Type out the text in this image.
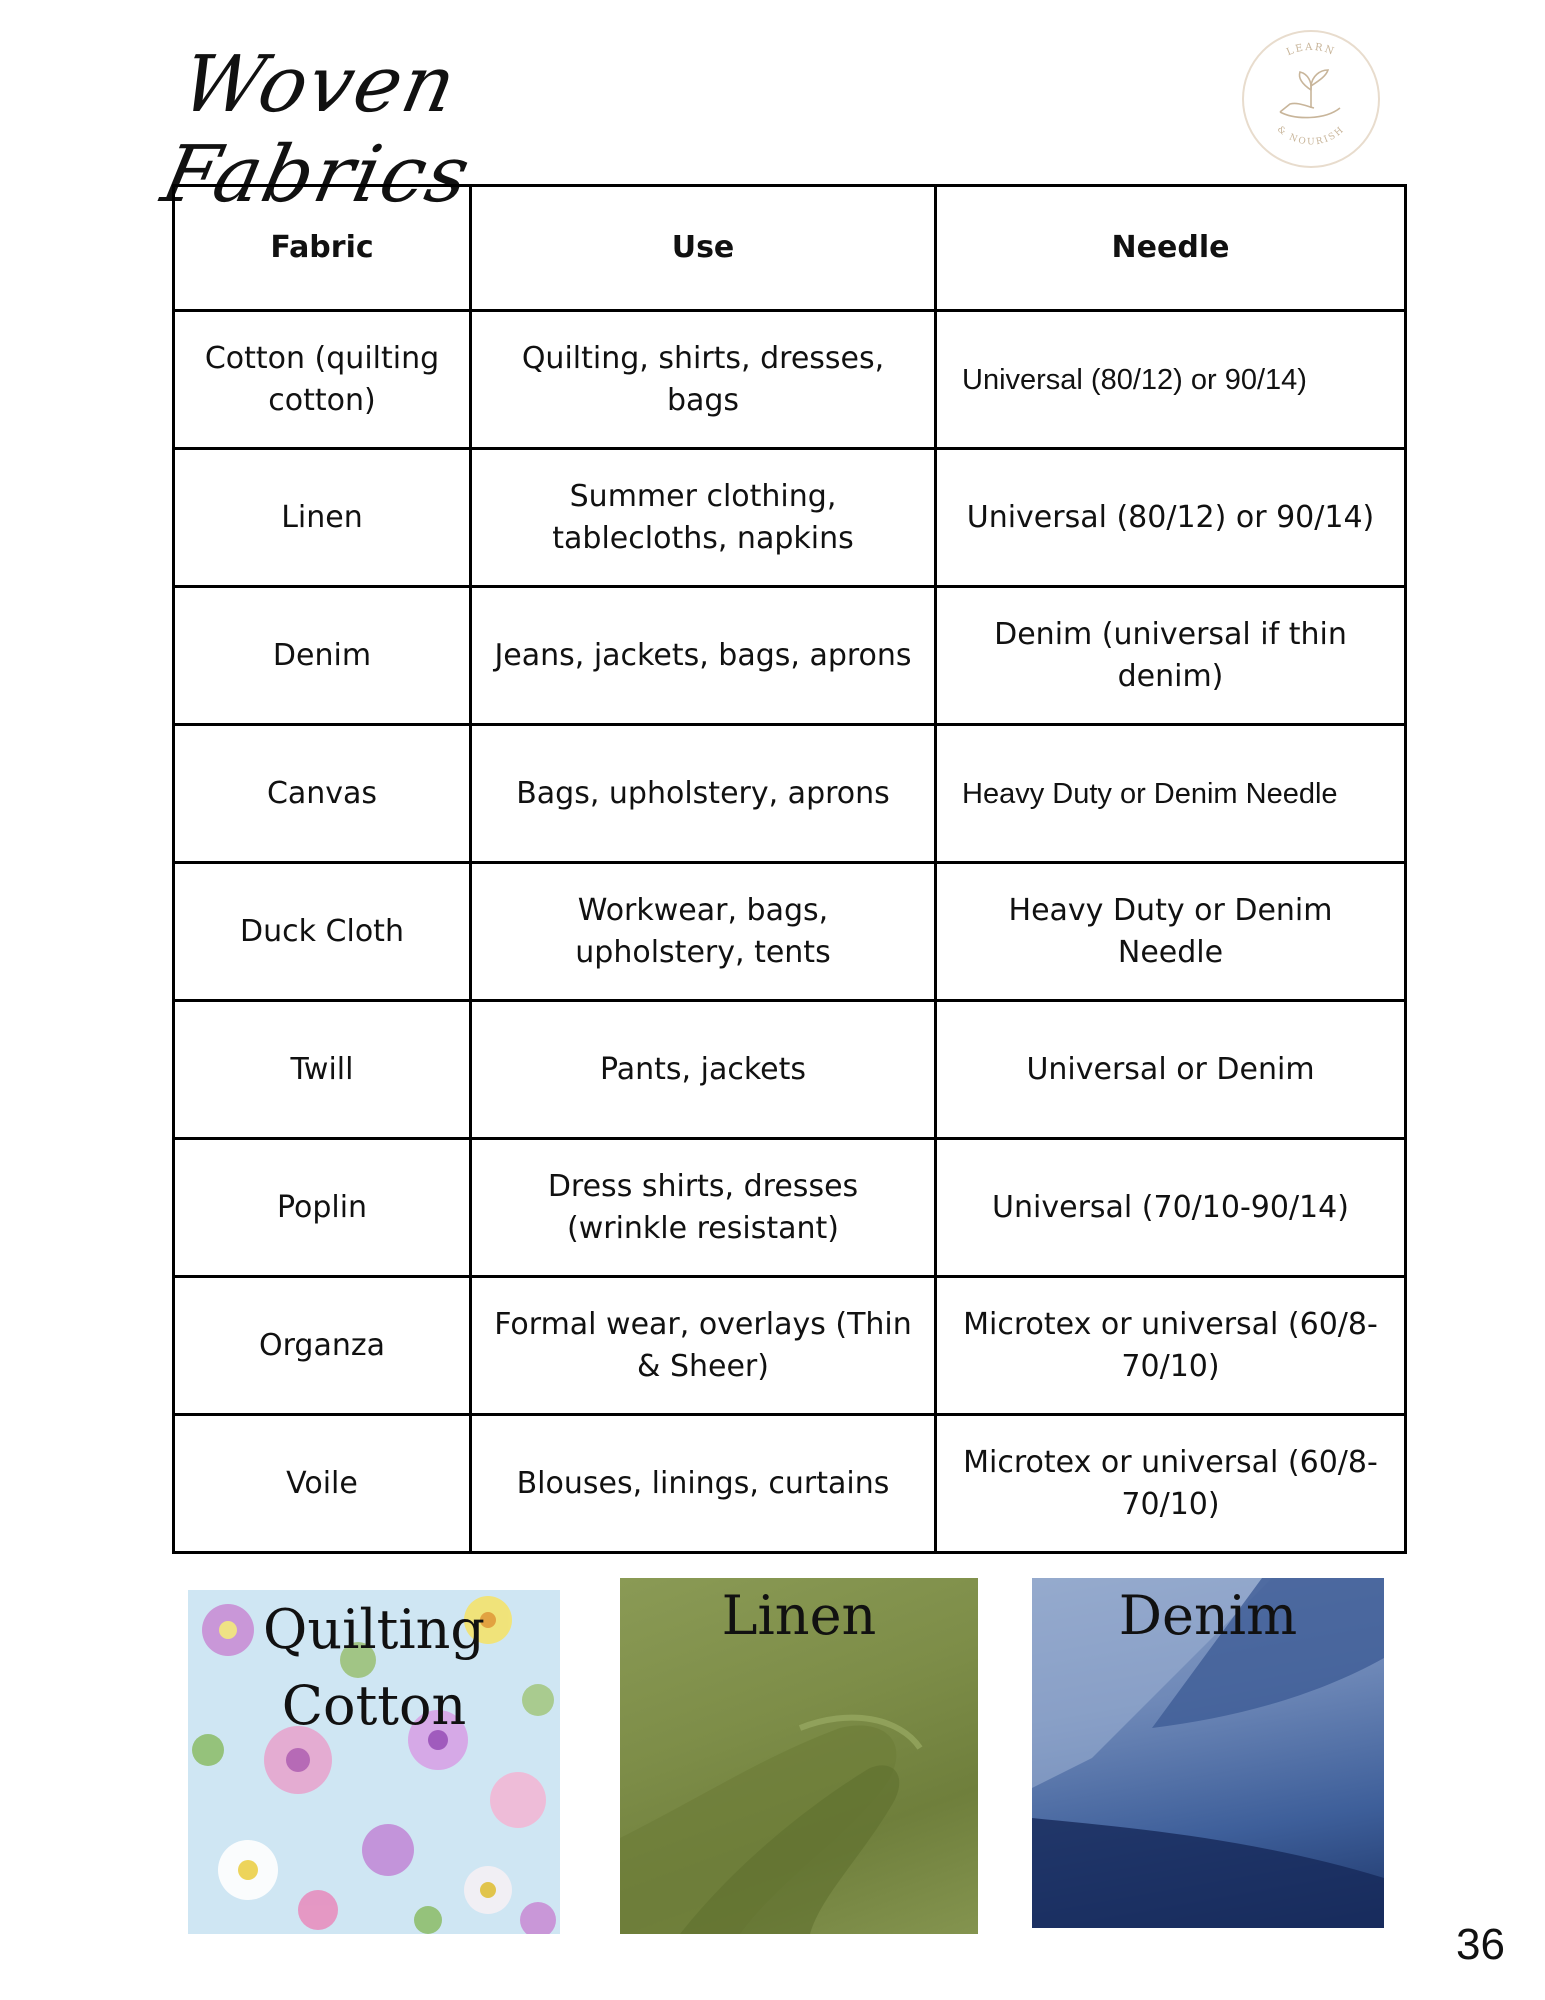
Woven Fabrics
LEARN
& NOURISH
Fabric	Use	Needle
Cotton (quilting cotton)	Quilting, shirts, dresses, bags	Universal (80/12) or 90/14)
Linen	Summer clothing, tablecloths, napkins	Universal (80/12) or 90/14)
Denim	Jeans, jackets, bags, aprons	Denim (universal if thin denim)
Canvas	Bags, upholstery, aprons	Heavy Duty or Denim Needle
Duck Cloth	Workwear, bags, upholstery, tents	Heavy Duty or Denim Needle
Twill	Pants, jackets	Universal or Denim
Poplin	Dress shirts, dresses (wrinkle resistant)	Universal (70/10-90/14)
Organza	Formal wear, overlays (Thin & Sheer)	Microtex or universal (60/8-70/10)
Voile	Blouses, linings, curtains	Microtex or universal (60/8-70/10)
Quilting
Cotton
Linen	Denim
36
